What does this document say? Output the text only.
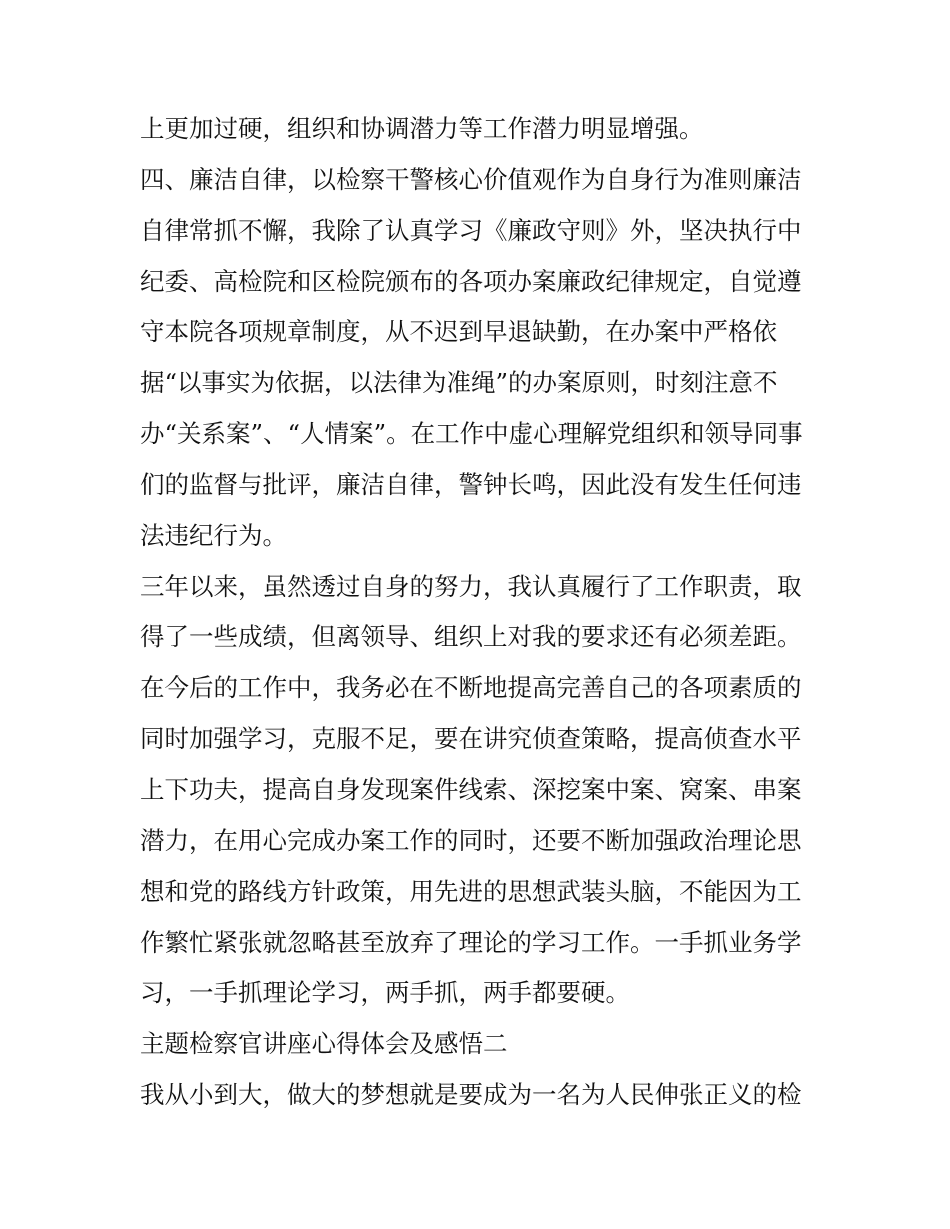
上更加过硬，组织和协调潜力等工作潜力明显增强。
四、廉洁自律，以检察干警核心价值观作为自身行为准则廉洁
自律常抓不懈，我除了认真学习《廉政守则》外，坚决执行中
纪委、高检院和区检院颁布的各项办案廉政纪律规定，自觉遵
守本院各项规章制度，从不迟到早退缺勤，在办案中严格依
据“以事实为依据，以法律为准绳”的办案原则，时刻注意不
办“关系案”、“人情案”。在工作中虚心理解党组织和领导同事
们的监督与批评，廉洁自律，警钟长鸣，因此没有发生任何违
法违纪行为。
三年以来，虽然透过自身的努力，我认真履行了工作职责，取
得了一些成绩，但离领导、组织上对我的要求还有必须差距。
在今后的工作中，我务必在不断地提高完善自己的各项素质的
同时加强学习，克服不足，要在讲究侦查策略，提高侦查水平
上下功夫，提高自身发现案件线索、深挖案中案、窝案、串案
潜力，在用心完成办案工作的同时，还要不断加强政治理论思
想和党的路线方针政策，用先进的思想武装头脑，不能因为工
作繁忙紧张就忽略甚至放弃了理论的学习工作。一手抓业务学
习，一手抓理论学习，两手抓，两手都要硬。
主题检察官讲座心得体会及感悟二
我从小到大，做大的梦想就是要成为一名为人民伸张正义的检
